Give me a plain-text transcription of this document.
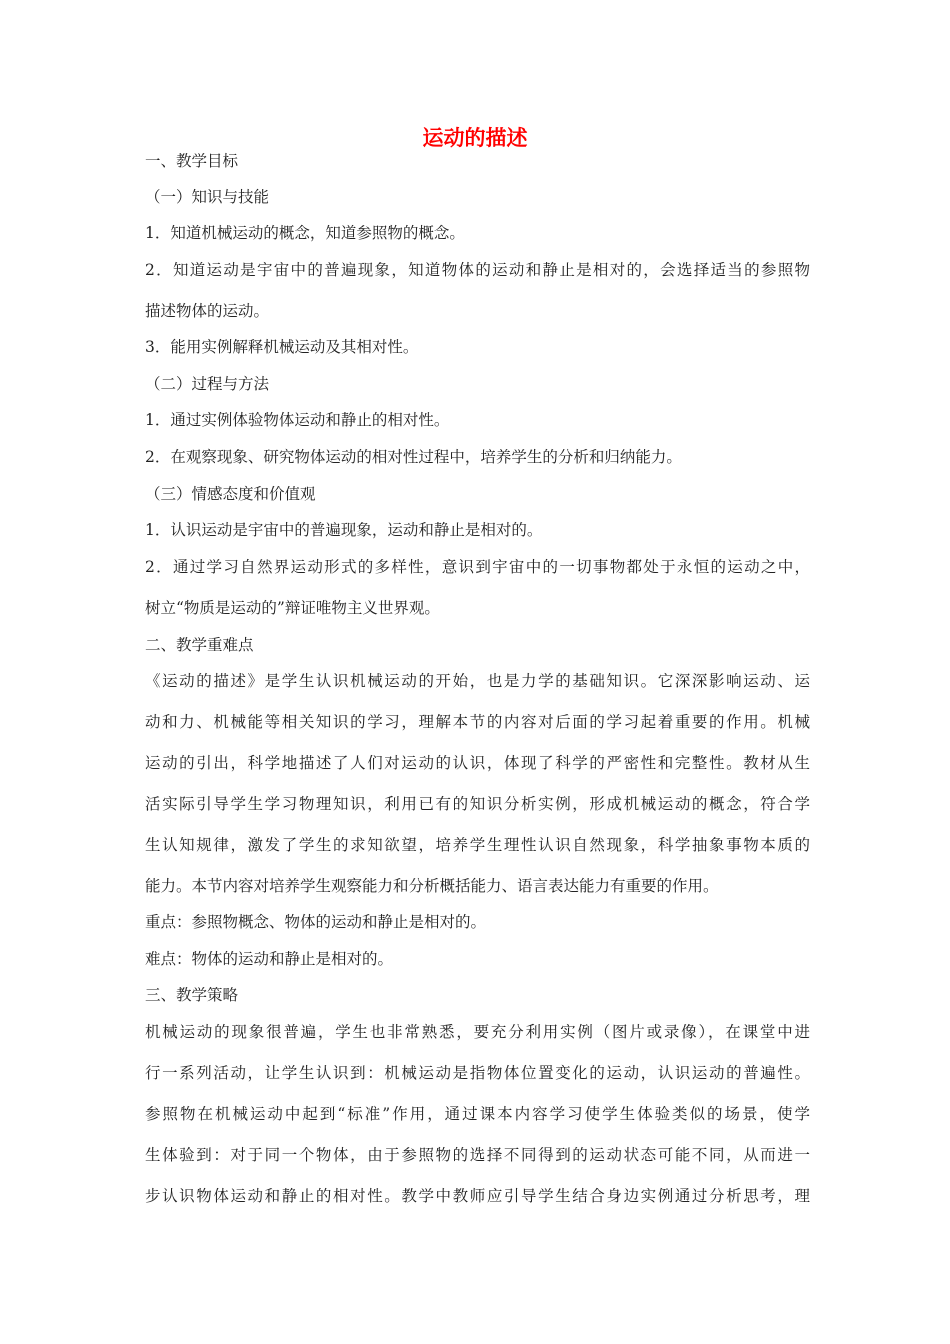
运动的描述
一、教学目标
（一）知识与技能
1．知道机械运动的概念，知道参照物的概念。
2．知道运动是宇宙中的普遍现象，知道物体的运动和静止是相对的，会选择适当的参照物
描述物体的运动。
3．能用实例解释机械运动及其相对性。
（二）过程与方法
1．通过实例体验物体运动和静止的相对性。
2．在观察现象、研究物体运动的相对性过程中，培养学生的分析和归纳能力。
（三）情感态度和价值观
1．认识运动是宇宙中的普遍现象，运动和静止是相对的。
2．通过学习自然界运动形式的多样性，意识到宇宙中的一切事物都处于永恒的运动之中，
树立“物质是运动的”辩证唯物主义世界观。
二、教学重难点
《运动的描述》是学生认识机械运动的开始，也是力学的基础知识。它深深影响运动、运
动和力、机械能等相关知识的学习，理解本节的内容对后面的学习起着重要的作用。机械
运动的引出，科学地描述了人们对运动的认识，体现了科学的严密性和完整性。教材从生
活实际引导学生学习物理知识，利用已有的知识分析实例，形成机械运动的概念，符合学
生认知规律，激发了学生的求知欲望，培养学生理性认识自然现象，科学抽象事物本质的
能力。本节内容对培养学生观察能力和分析概括能力、语言表达能力有重要的作用。
重点：参照物概念、物体的运动和静止是相对的。
难点：物体的运动和静止是相对的。
三、教学策略
机械运动的现象很普遍，学生也非常熟悉，要充分利用实例（图片或录像），在课堂中进
行一系列活动，让学生认识到：机械运动是指物体位置变化的运动，认识运动的普遍性。
参照物在机械运动中起到“标准”作用，通过课本内容学习使学生体验类似的场景，使学
生体验到：对于同一个物体，由于参照物的选择不同得到的运动状态可能不同，从而进一
步认识物体运动和静止的相对性。教学中教师应引导学生结合身边实例通过分析思考，理
